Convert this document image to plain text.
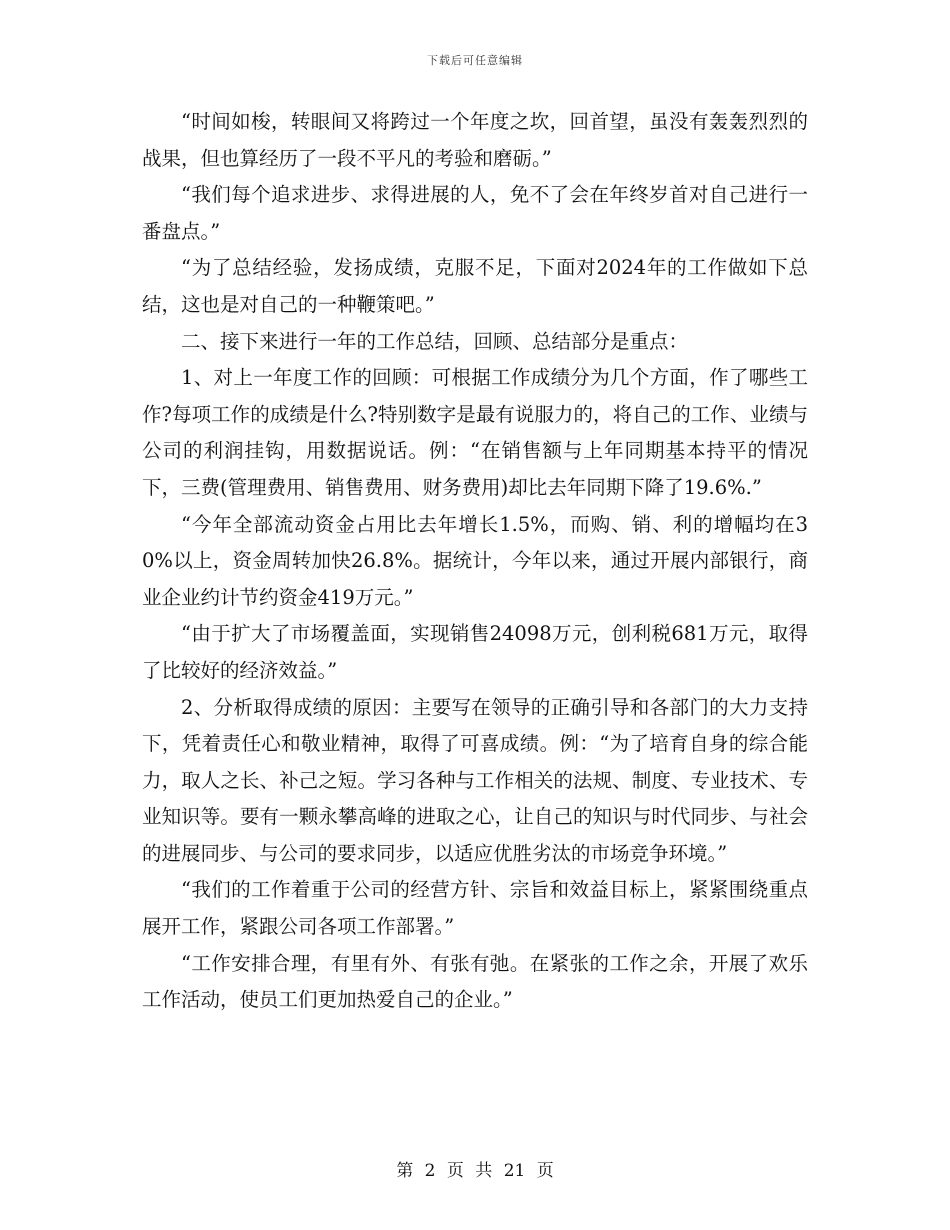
下载后可任意编辑

“时间如梭，转眼间又将跨过一个年度之坎，回首望，虽没有轰轰烈烈的战果，但也算经历了一段不平凡的考验和磨砺。”

“我们每个追求进步、求得进展的人，免不了会在年终岁首对自己进行一番盘点。”

“为了总结经验，发扬成绩，克服不足，下面对2024年的工作做如下总结，这也是对自己的一种鞭策吧。”

二、接下来进行一年的工作总结，回顾、总结部分是重点：

1、对上一年度工作的回顾：可根据工作成绩分为几个方面，作了哪些工作?每项工作的成绩是什么?特别数字是最有说服力的，将自己的工作、业绩与公司的利润挂钩，用数据说话。例：“在销售额与上年同期基本持平的情况下，三费(管理费用、销售费用、财务费用)却比去年同期下降了19.6%.”

“今年全部流动资金占用比去年增长1.5%，而购、销、利的增幅均在30%以上，资金周转加快26.8%。据统计，今年以来，通过开展内部银行，商业企业约计节约资金419万元。”

“由于扩大了市场覆盖面，实现销售24098万元，创利税681万元，取得了比较好的经济效益。”

2、分析取得成绩的原因：主要写在领导的正确引导和各部门的大力支持下，凭着责任心和敬业精神，取得了可喜成绩。例：“为了培育自身的综合能力，取人之长、补己之短。学习各种与工作相关的法规、制度、专业技术、专业知识等。要有一颗永攀高峰的进取之心，让自己的知识与时代同步、与社会的进展同步、与公司的要求同步，以适应优胜劣汰的市场竞争环境。”

“我们的工作着重于公司的经营方针、宗旨和效益目标上，紧紧围绕重点展开工作，紧跟公司各项工作部署。”

“工作安排合理，有里有外、有张有弛。在紧张的工作之余，开展了欢乐工作活动，使员工们更加热爱自己的企业。”

第 2 页 共 21 页
